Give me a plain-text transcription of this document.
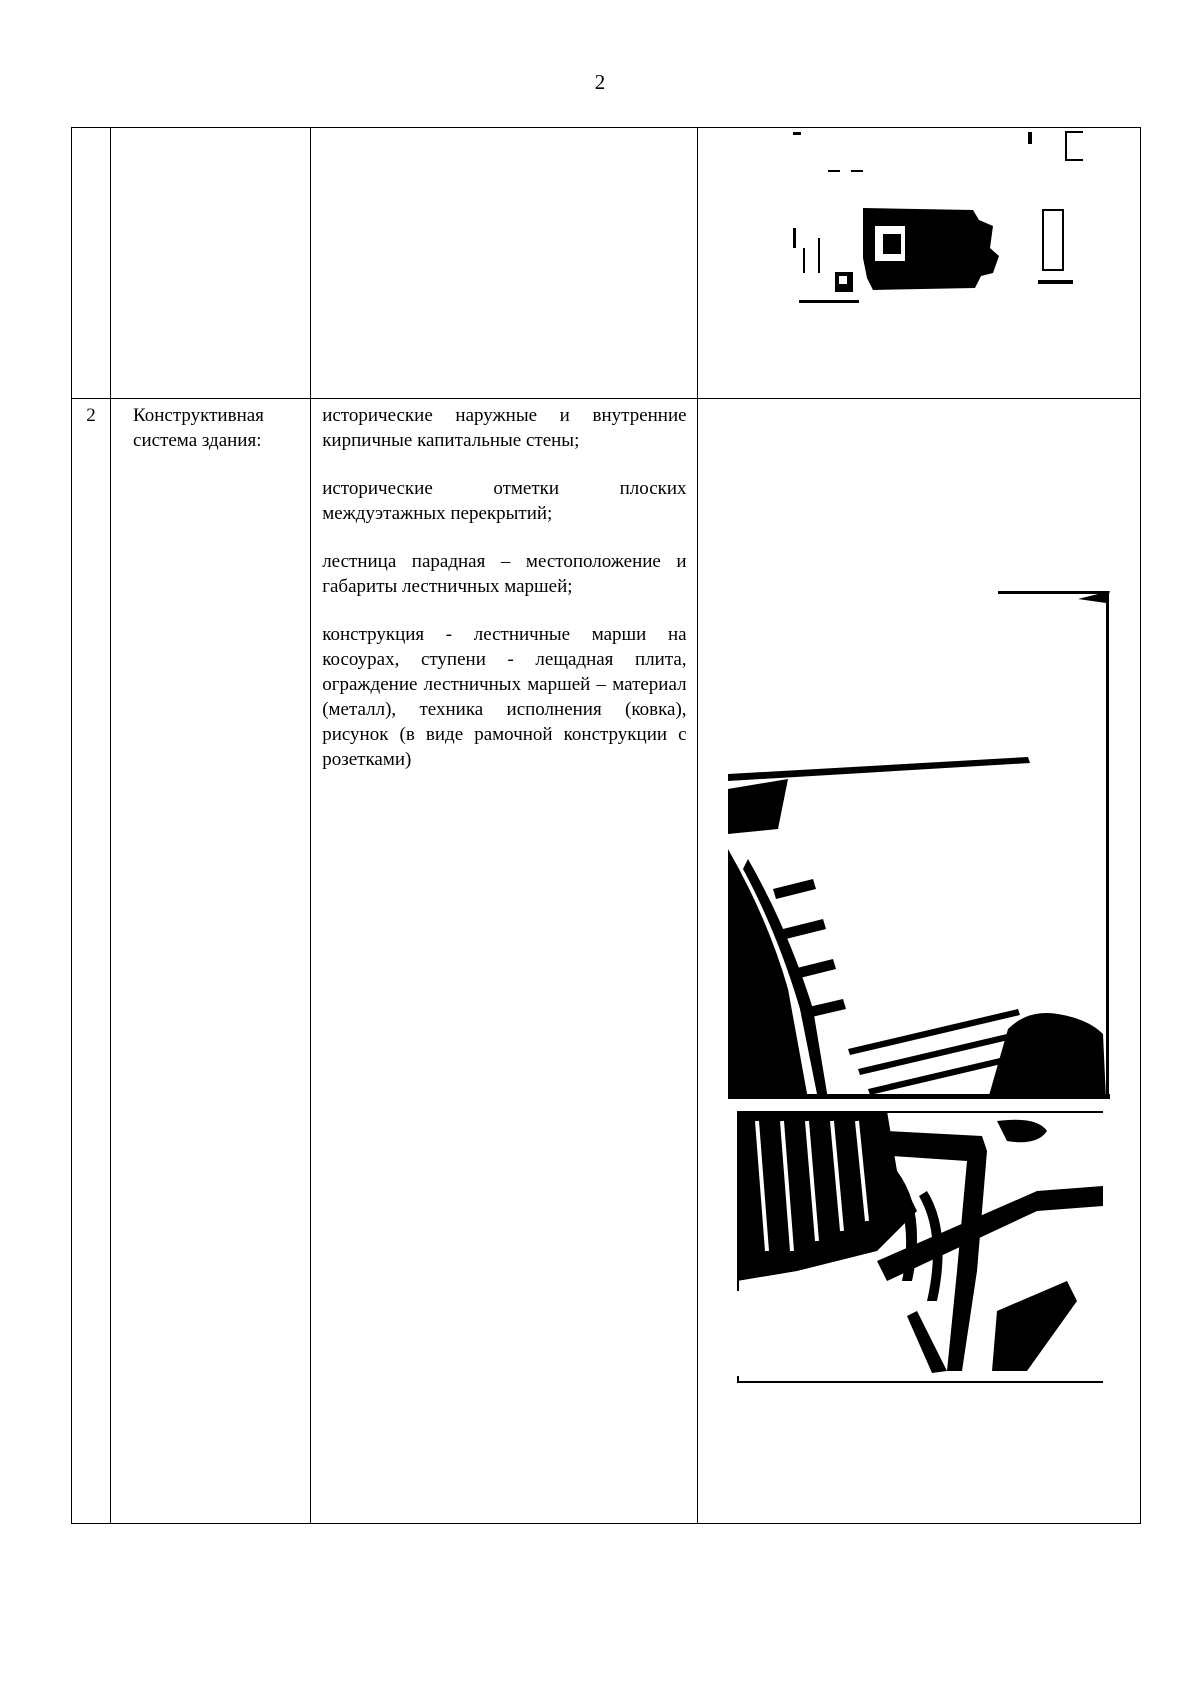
2

2	Конструктивная система здания:	исторические наружные и внутренние кирпичные капитальные стены;

исторические отметки плоских междуэтажных перекрытий;

лестница парадная – местоположение и габариты лестничных маршей;

конструкция - лестничные марши на косоурах, ступени - лещадная плита, ограждение лестничных маршей – материал (металл), техника исполнения (ковка), рисунок (в виде рамочной конструкции с розетками)
